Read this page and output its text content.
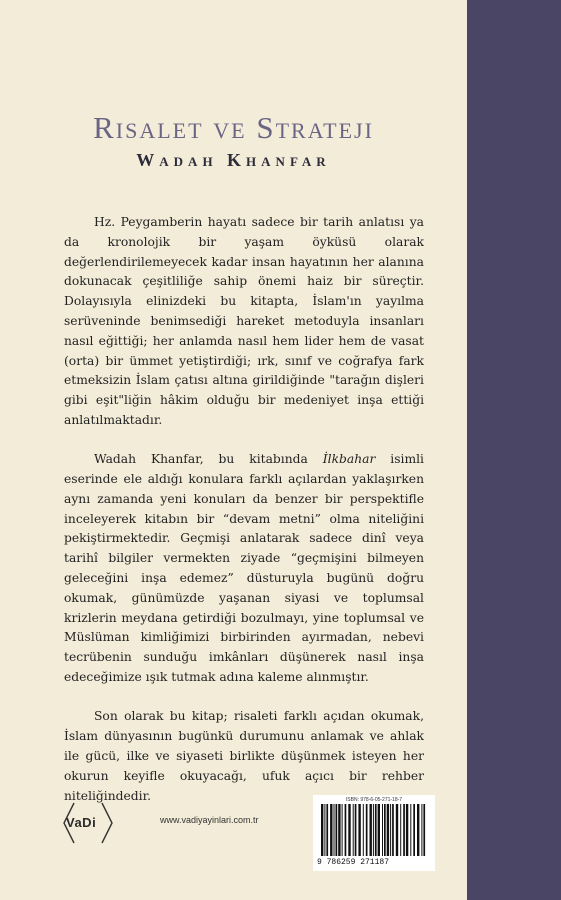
Risalet ve Strateji
Wadah Khanfar

Hz. Peygamberin hayatı sadece bir tarih anlatısı ya da kronolojik bir yaşam öyküsü olarak değerlendirilemeyecek kadar insan hayatının her alanına dokunacak çeşitliliğe sahip önemi haiz bir süreçtir. Dolayısıyla elinizdeki bu kitapta, İslam'ın yayılma serüveninde benimsediği hareket metoduyla insanları nasıl eğittiği; her anlamda nasıl hem lider hem de vasat (orta) bir ümmet yetiştirdiği; ırk, sınıf ve coğrafya fark etmeksizin İslam çatısı altına girildiğinde "tarağın dişleri gibi eşit"liğin hâkim olduğu bir medeniyet inşa ettiği anlatılmaktadır.

Wadah Khanfar, bu kitabında İlkbahar isimli eserinde ele aldığı konulara farklı açılardan yaklaşırken aynı zamanda yeni konuları da benzer bir perspektifle inceleyerek kitabın bir “devam metni” olma niteliğini pekiştirmektedir. Geçmişi anlatarak sadece dinî veya tarihî bilgiler vermekten ziyade “geçmişini bilmeyen geleceğini inşa edemez” düsturuyla bugünü doğru okumak, günümüzde yaşanan siyasi ve toplumsal krizlerin meydana getirdiği bozulmayı, yine toplumsal ve Müslüman kimliğimizi birbirinden ayırmadan, nebevi tecrübenin sunduğu imkânları düşünerek nasıl inşa edeceğimize ışık tutmak adına kaleme alınmıştır.

Son olarak bu kitap; risaleti farklı açıdan okumak, İslam dünyasının bugünkü durumunu anlamak ve ahlak ile gücü, ilke ve siyaseti birlikte düşünmek isteyen her okurun keyifle okuyacağı, ufuk açıcı bir rehber niteliğindedir.

VaDi	www.vadiyayinlari.com.tr
ISBN: 978-6-05-271-18-7
9 786259 271187
